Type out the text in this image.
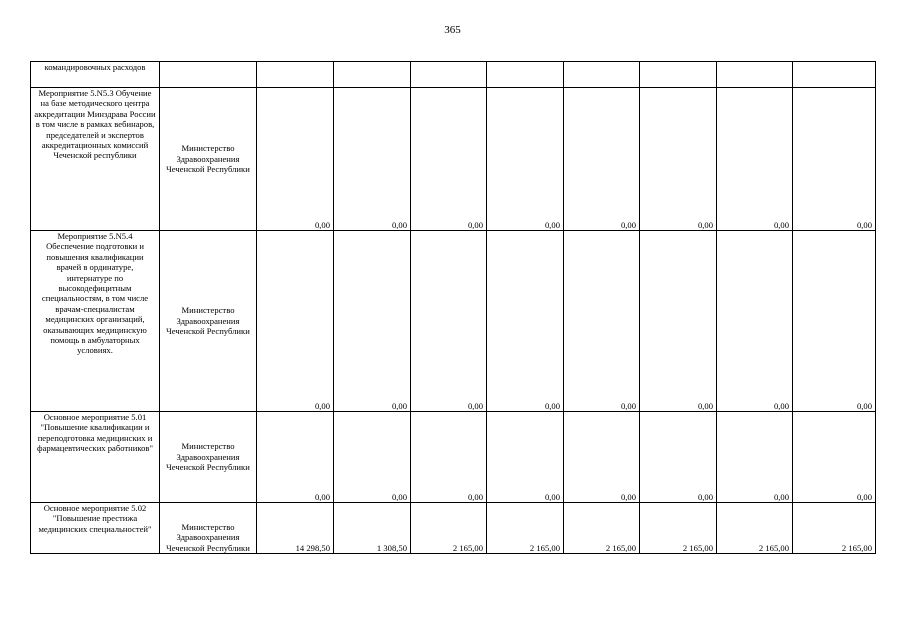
365
командировочных расходов									
Мероприятие 5.N5.3 Обучение на базе методического центра аккредитации Минздрава России в том числе в рамках вебинаров, председателей и экспертов аккредитационных комиссий Чеченской республики	Министерство Здравоохранения Чеченской Республики	0,00	0,00	0,00	0,00	0,00	0,00	0,00	0,00
Мероприятие 5.N5.4 Обеспечение подготовки и повышения квалификации врачей в ординатуре, интернатуре по высокодефицитным специальностям, в том числе врачам-специалистам медицинских организаций, оказывающих медицинскую помощь в амбулаторных условиях.	Министерство Здравоохранения Чеченской Республики	0,00	0,00	0,00	0,00	0,00	0,00	0,00	0,00
Основное мероприятие 5.01 "Повышение квалификации и переподготовка медицинских и фармацевтических работников"	Министерство Здравоохранения Чеченской Республики	0,00	0,00	0,00	0,00	0,00	0,00	0,00	0,00
Основное мероприятие 5.02 "Повышение престижа медицинских специальностей"	Министерство Здравоохранения Чеченской Республики	14 298,50	1 308,50	2 165,00	2 165,00	2 165,00	2 165,00	2 165,00	2 165,00
